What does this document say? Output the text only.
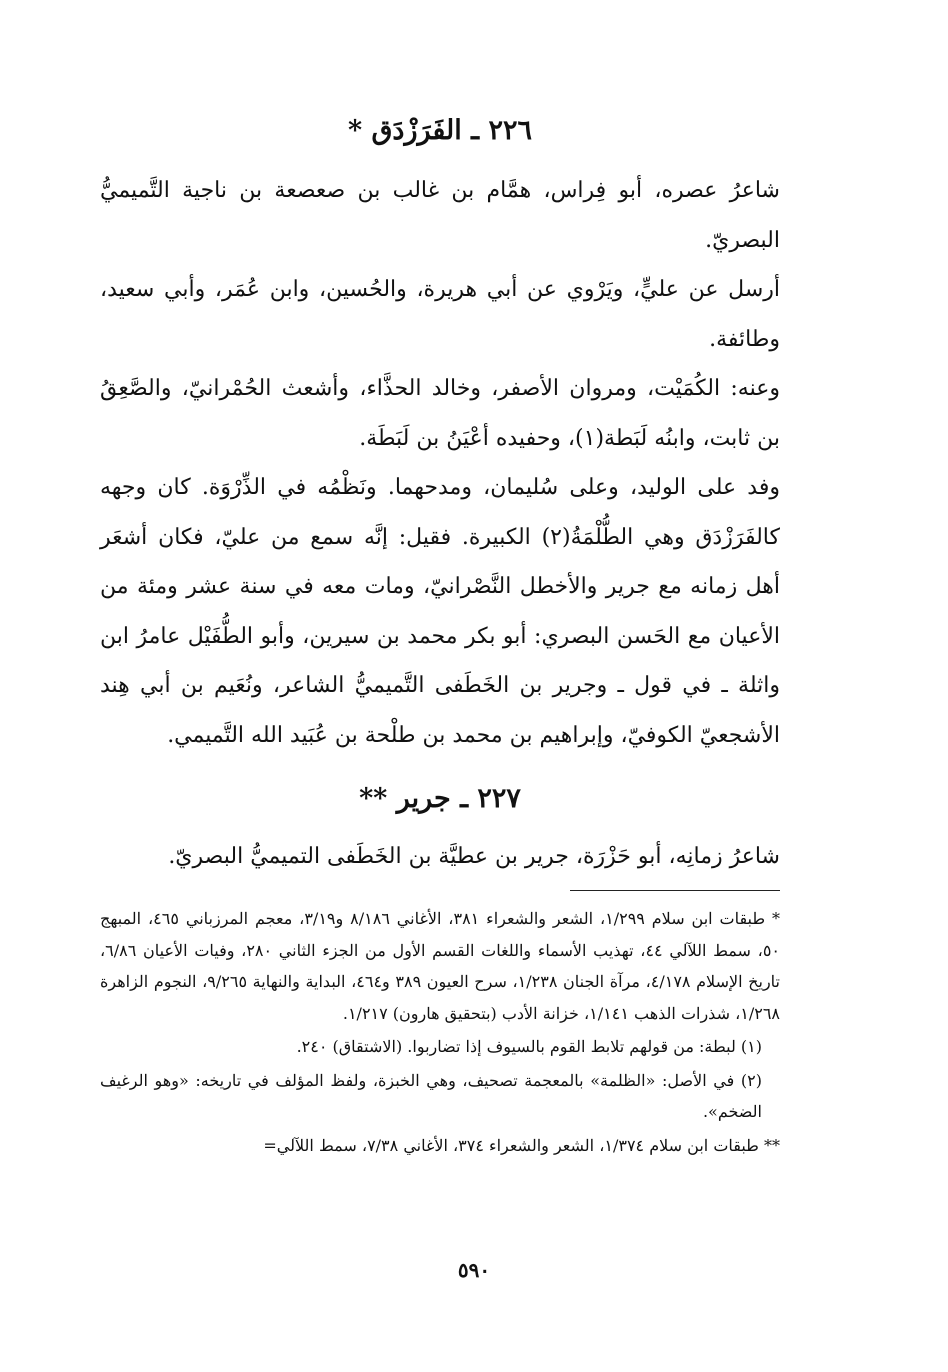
٢٢٦ ـ الفَرَزْدَق *

شاعرُ عصره، أبو فِراس، همَّام بن غالب بن صعصعة بن ناجية التَّميميُّ البصريّ.

أرسل عن عليٍّ، ويَرْوي عن أبي هريرة، والحُسين، وابن عُمَر، وأبي سعيد، وطائفة.

وعنه: الكُمَيْت، ومروان الأصفر، وخالد الحذَّاء، وأشعث الحُمْرانيّ، والصَّعِقُ بن ثابت، وابنُه لَبَطة(١)، وحفيده أعْيَنُ بن لَبَطَة.

وفد على الوليد، وعلى سُليمان، ومدحهما. ونَظْمُه في الذِّرْوَة. كان وجهه كالفَرَزْدَق وهي الطُّلْمَةُ(٢) الكبيرة. فقيل: إنَّه سمع من عليّ، فكان أشعَر أهل زمانه مع جرير والأخطل النَّصْرانيّ، ومات معه في سنة عشر ومئة من الأعيان مع الحَسن البصري: أبو بكر محمد بن سيرين، وأبو الطُّفَيْل عامرُ ابن واثلة ـ في قول ـ وجرير بن الخَطَفى التَّميميُّ الشاعر، ونُعَيم بن أبي هِند الأشجعيّ الكوفيّ، وإبراهيم بن محمد بن طلْحة بن عُبَيد الله التَّميمي.

٢٢٧ ـ جرير **

شاعرُ زمانِه، أبو حَزْرَة، جرير بن عطيَّة بن الخَطَفى التميميُّ البصريّ.

* طبقات ابن سلام ١/٢٩٩، الشعر والشعراء ٣٨١، الأغاني ٨/١٨٦ و٣/١٩، معجم المرزباني ٤٦٥، المبهج ٥٠، سمط اللآلي ٤٤، تهذيب الأسماء واللغات القسم الأول من الجزء الثاني ٢٨٠، وفيات الأعيان ٦/٨٦، تاريخ الإسلام ٤/١٧٨، مرآة الجنان ١/٢٣٨، سرح العيون ٣٨٩ و٤٦٤، البداية والنهاية ٩/٢٦٥، النجوم الزاهرة ١/٢٦٨، شذرات الذهب ١/١٤١، خزانة الأدب (بتحقيق هارون) ١/٢١٧.

(١) لبطة: من قولهم تلابط القوم بالسيوف إذا تضاربوا. (الاشتقاق) ٢٤٠.

(٢) في الأصل: «الظلمة» بالمعجمة تصحيف، وهي الخبزة، ولفظ المؤلف في تاريخه: «وهو الرغيف الضخم».

** طبقات ابن سلام ١/٣٧٤، الشعر والشعراء ٣٧٤، الأغاني ٧/٣٨، سمط اللآلي=

٥٩٠
